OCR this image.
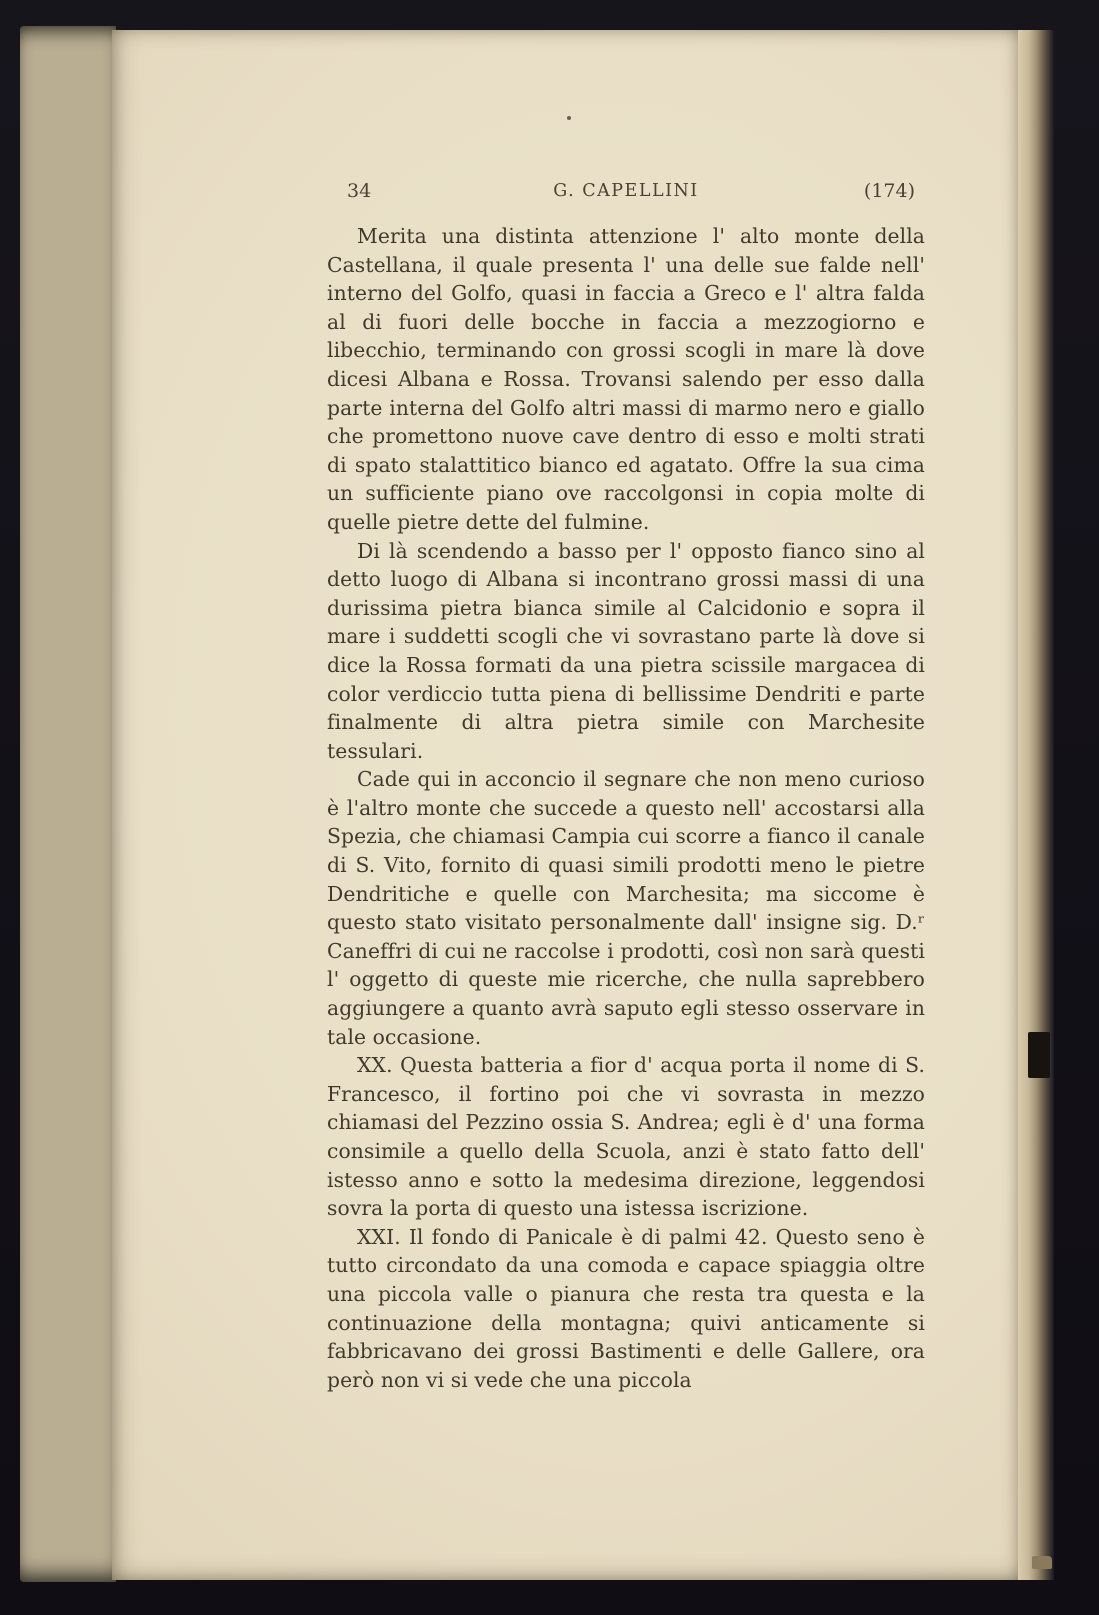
34	G. CAPELLINI	(174)

Merita una distinta attenzione l' alto monte della Castellana, il quale presenta l' una delle sue falde nell' interno del Golfo, quasi in faccia a Greco e l' altra falda al di fuori delle bocche in faccia a mezzogiorno e libecchio, terminando con grossi scogli in mare là dove dicesi Albana e Rossa. Trovansi salendo per esso dalla parte interna del Golfo altri massi di marmo nero e giallo che promettono nuove cave dentro di esso e molti strati di spato stalattitico bianco ed agatato. Offre la sua cima un sufficiente piano ove raccolgonsi in copia molte di quelle pietre dette del fulmine.

Di là scendendo a basso per l' opposto fianco sino al detto luogo di Albana si incontrano grossi massi di una durissima pietra bianca simile al Calcidonio e sopra il mare i suddetti scogli che vi sovrastano parte là dove si dice la Rossa formati da una pietra scissile margacea di color verdiccio tutta piena di bellissime Dendriti e parte finalmente di altra pietra simile con Marchesite tessulari.

Cade qui in acconcio il segnare che non meno curioso è l'altro monte che succede a questo nell' accostarsi alla Spezia, che chiamasi Campia cui scorre a fianco il canale di S. Vito, fornito di quasi simili prodotti meno le pietre Dendritiche e quelle con Marchesita; ma siccome è questo stato visitato personalmente dall' insigne sig. D.ʳ Caneffri di cui ne raccolse i prodotti, così non sarà questi l' oggetto di queste mie ricerche, che nulla saprebbero aggiungere a quanto avrà saputo egli stesso osservare in tale occasione.

XX. Questa batteria a fior d' acqua porta il nome di S. Francesco, il fortino poi che vi sovrasta in mezzo chiamasi del Pezzino ossia S. Andrea; egli è d' una forma consimile a quello della Scuola, anzi è stato fatto dell' istesso anno e sotto la medesima direzione, leggendosi sovra la porta di questo una istessa iscrizione.

XXI. Il fondo di Panicale è di palmi 42. Questo seno è tutto circondato da una comoda e capace spiaggia oltre una piccola valle o pianura che resta tra questa e la continuazione della montagna; quivi anticamente si fabbricavano dei grossi Bastimenti e delle Gallere, ora però non vi si vede che una piccola
